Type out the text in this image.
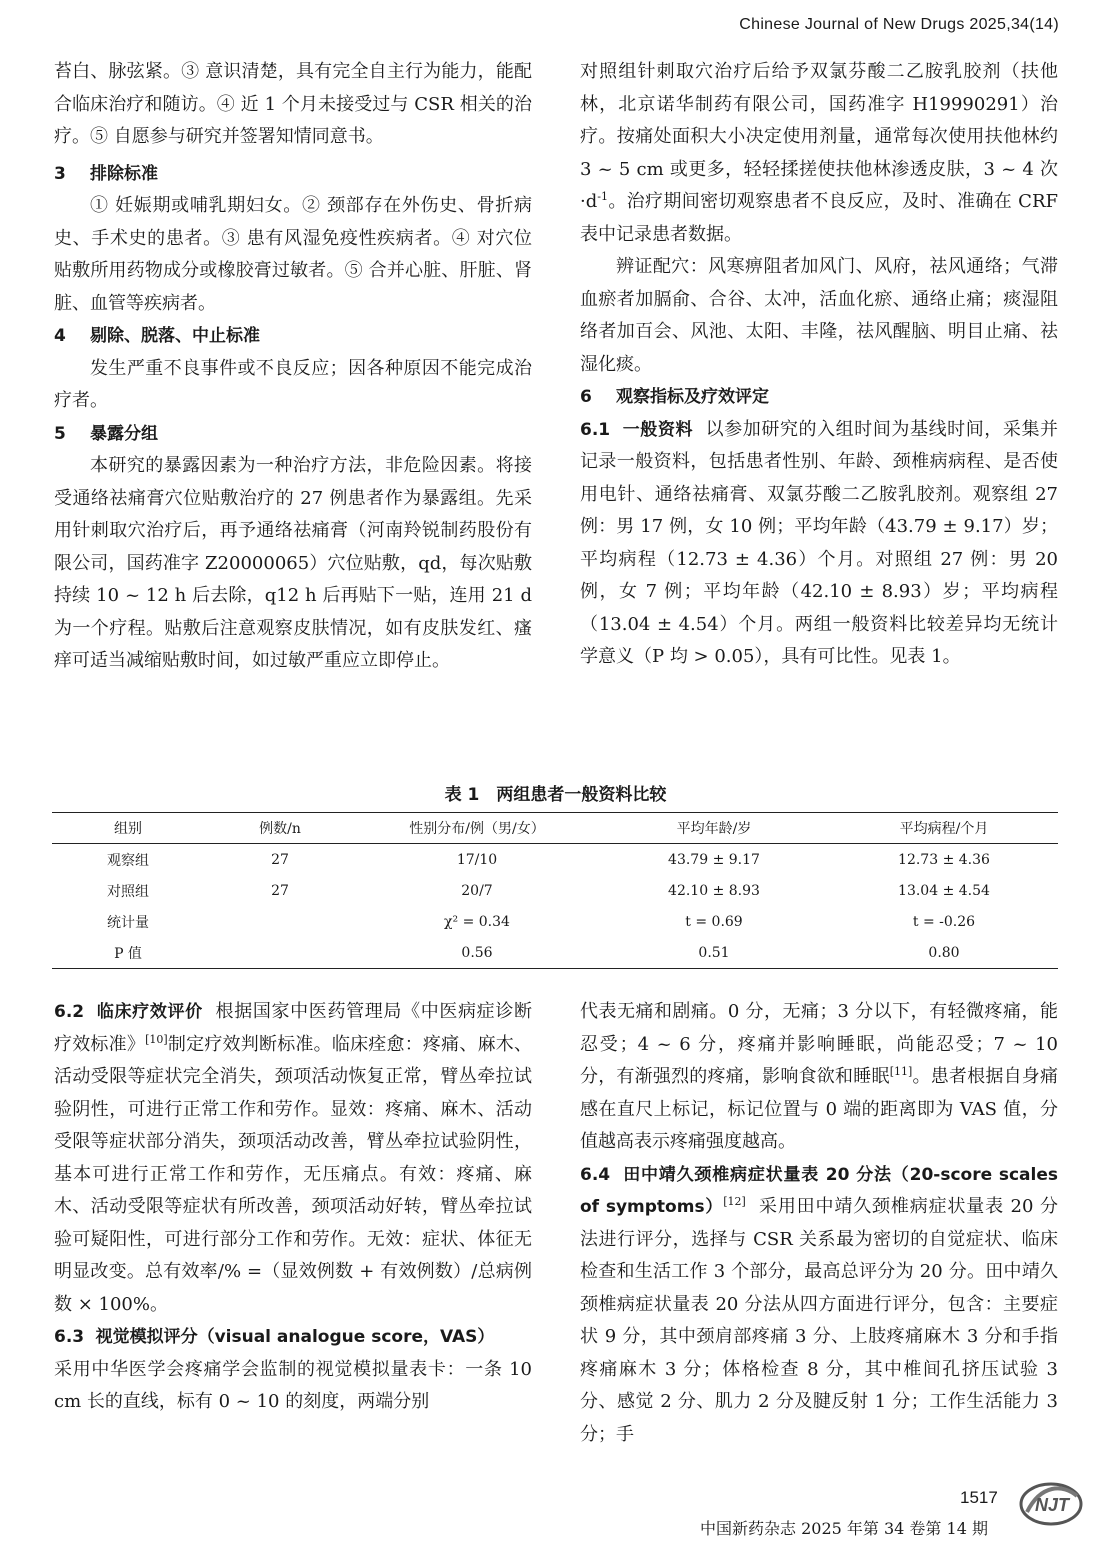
Chinese Journal of New Drugs 2025,34(14)

苔白、脉弦紧。③ 意识清楚，具有完全自主行为能力，能配合临床治疗和随访。④ 近 1 个月未接受过与 CSR 相关的治疗。⑤ 自愿参与研究并签署知情同意书。

3 排除标准

① 妊娠期或哺乳期妇女。② 颈部存在外伤史、骨折病史、手术史的患者。③ 患有风湿免疫性疾病者。④ 对穴位贴敷所用药物成分或橡胶膏过敏者。⑤ 合并心脏、肝脏、肾脏、血管等疾病者。

4 剔除、脱落、中止标准

发生严重不良事件或不良反应；因各种原因不能完成治疗者。

5 暴露分组

本研究的暴露因素为一种治疗方法，非危险因素。将接受通络祛痛膏穴位贴敷治疗的 27 例患者作为暴露组。先采用针刺取穴治疗后，再予通络祛痛膏（河南羚锐制药股份有限公司，国药准字 Z20000065）穴位贴敷，qd，每次贴敷持续 10 ~ 12 h 后去除，q12 h 后再贴下一贴，连用 21 d 为一个疗程。贴敷后注意观察皮肤情况，如有皮肤发红、瘙痒可适当减缩贴敷时间，如过敏严重应立即停止。

对照组针刺取穴治疗后给予双氯芬酸二乙胺乳胶剂（扶他林，北京诺华制药有限公司，国药准字 H19990291）治疗。按痛处面积大小决定使用剂量，通常每次使用扶他林约 3 ~ 5 cm 或更多，轻轻揉搓使扶他林渗透皮肤，3 ~ 4 次$\cdot d^{-1}$。治疗期间密切观察患者不良反应，及时、准确在 CRF 表中记录患者数据。

辨证配穴：风寒痹阻者加风门、风府，祛风通络；气滞血瘀者加膈俞、合谷、太冲，活血化瘀、通络止痛；痰湿阻络者加百会、风池、太阳、丰隆，祛风醒脑、明目止痛、祛湿化痰。

6 观察指标及疗效评定

6.1 一般资料 以参加研究的入组时间为基线时间，采集并记录一般资料，包括患者性别、年龄、颈椎病病程、是否使用电针、通络祛痛膏、双氯芬酸二乙胺乳胶剂。观察组 27 例：男 17 例，女 10 例；平均年龄（43.79 ± 9.17）岁；平均病程（12.73 ± 4.36）个月。对照组 27 例：男 20 例，女 7 例；平均年龄（42.10 ± 8.93）岁；平均病程（13.04 ± 4.54）个月。两组一般资料比较差异均无统计学意义（P 均 > 0.05），具有可比性。见表 1。

表 1　两组患者一般资料比较
组别	例数/n	性别分布/例（男/女）	平均年龄/岁	平均病程/个月
观察组	27	17/10	43.79 ± 9.17	12.73 ± 4.36
对照组	27	20/7	42.10 ± 8.93	13.04 ± 4.54
统计量		χ² = 0.34	t = 0.69	t = -0.26
P 值		0.56	0.51	0.80

6.2 临床疗效评价 根据国家中医药管理局《中医病症诊断疗效标准》[10]制定疗效判断标准。临床痊愈：疼痛、麻木、活动受限等症状完全消失，颈项活动恢复正常，臂丛牵拉试验阴性，可进行正常工作和劳作。显效：疼痛、麻木、活动受限等症状部分消失，颈项活动改善，臂丛牵拉试验阴性，基本可进行正常工作和劳作，无压痛点。有效：疼痛、麻木、活动受限等症状有所改善，颈项活动好转，臂丛牵拉试验可疑阳性，可进行部分工作和劳作。无效：症状、体征无明显改变。总有效率/% =（显效例数 + 有效例数）/总病例数 × 100%。

6.3 视觉模拟评分（visual analogue score，VAS）

采用中华医学会疼痛学会监制的视觉模拟量表卡：一条 10 cm 长的直线，标有 0 ~ 10 的刻度，两端分别

代表无痛和剧痛。0 分，无痛；3 分以下，有轻微疼痛，能忍受；4 ~ 6 分，疼痛并影响睡眠，尚能忍受；7 ~ 10 分，有渐强烈的疼痛，影响食欲和睡眠[11]。患者根据自身痛感在直尺上标记，标记位置与 0 端的距离即为 VAS 值，分值越高表示疼痛强度越高。

6.4 田中靖久颈椎病症状量表 20 分法（20-score scales of symptoms）[12] 采用田中靖久颈椎病症状量表 20 分法进行评分，选择与 CSR 关系最为密切的自觉症状、临床检查和生活工作 3 个部分，最高总评分为 20 分。田中靖久颈椎病症状量表 20 分法从四方面进行评分，包含：主要症状 9 分，其中颈肩部疼痛 3 分、上肢疼痛麻木 3 分和手指疼痛麻木 3 分；体格检查 8 分，其中椎间孔挤压试验 3 分、感觉 2 分、肌力 2 分及腱反射 1 分；工作生活能力 3 分；手

1517
中国新药杂志 2025 年第 34 卷第 14 期
NJT
